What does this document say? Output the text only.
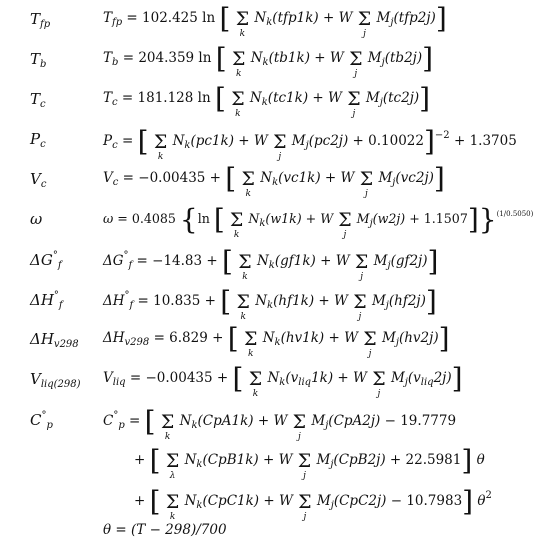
$T_{fp}$	$T_{fp} = 102.425$ ln [ Σ
k
$N_k(tfp1k) + W$ Σ
j
$M_j(tfp2j)$]
$T_b$	$T_b = 204.359$ ln [ Σ
k
$N_k(tb1k) + W$ Σ
j
$M_j(tb2j)$]
$T_c$	$T_c = 181.128$ ln [ Σ
k
$N_k(tc1k) + W$ Σ
j
$M_j(tc2j)$]
$P_c$	$P_c$ = [ Σ
k
$N_k(pc1k) + W$ Σ
j
$M_j(pc2j) + 0.10022]^{-2} + 1.3705$
$V_c$	$V_c = -0.00435$ + [ Σ
k
$N_k(vc1k) + W$ Σ
j
$M_j(vc2j)$]
ω	ω = 0.4085 {ln [ Σ
k
$N_k(w1k) + W$ Σ
j
$M_j(w2j) + 1.1507]\}^{(1/0.5050)}$
$\Delta G^\circ_f$	$\Delta G^\circ_f = -14.83$ + [ Σ
k
$N_k(gf1k) + W$ Σ
j
$M_j(gf2j)$]
$\Delta H^\circ_f$	$\Delta H^\circ_f = 10.835$ + [ Σ
k
$N_k(hf1k) + W$ Σ
j
$M_j(hf2j)$]
$\Delta H_{v298}$ $\Delta H_{v298} = 6.829$ + [ Σ
k
$N_k(hv1k) + W$ Σ
j
$M_j(hv2j)$]
$V_{liq(298)}$ $V_{liq} = -0.00435$ + [ Σ
k
$N_k(v_{liq}1k) + W$ Σ
j
$M_j(v_{liq}2j)$]
$C^\circ_p$	$C^\circ_p$ = [ Σ
k
$N_k(CpA1k) + W$ Σ
j
$M_j(CpA2j) - 19.7779$
+ [ Σ
λ
$N_k(CpB1k) + W$ Σ
j
$M_j(CpB2j) + 22.5981$] θ
+ [ Σ
k
$N_k(CpC1k) + W$ Σ
j
$M_j(CpC2j) - 10.7983$] $\theta^2$
θ = (T − 298)/700
